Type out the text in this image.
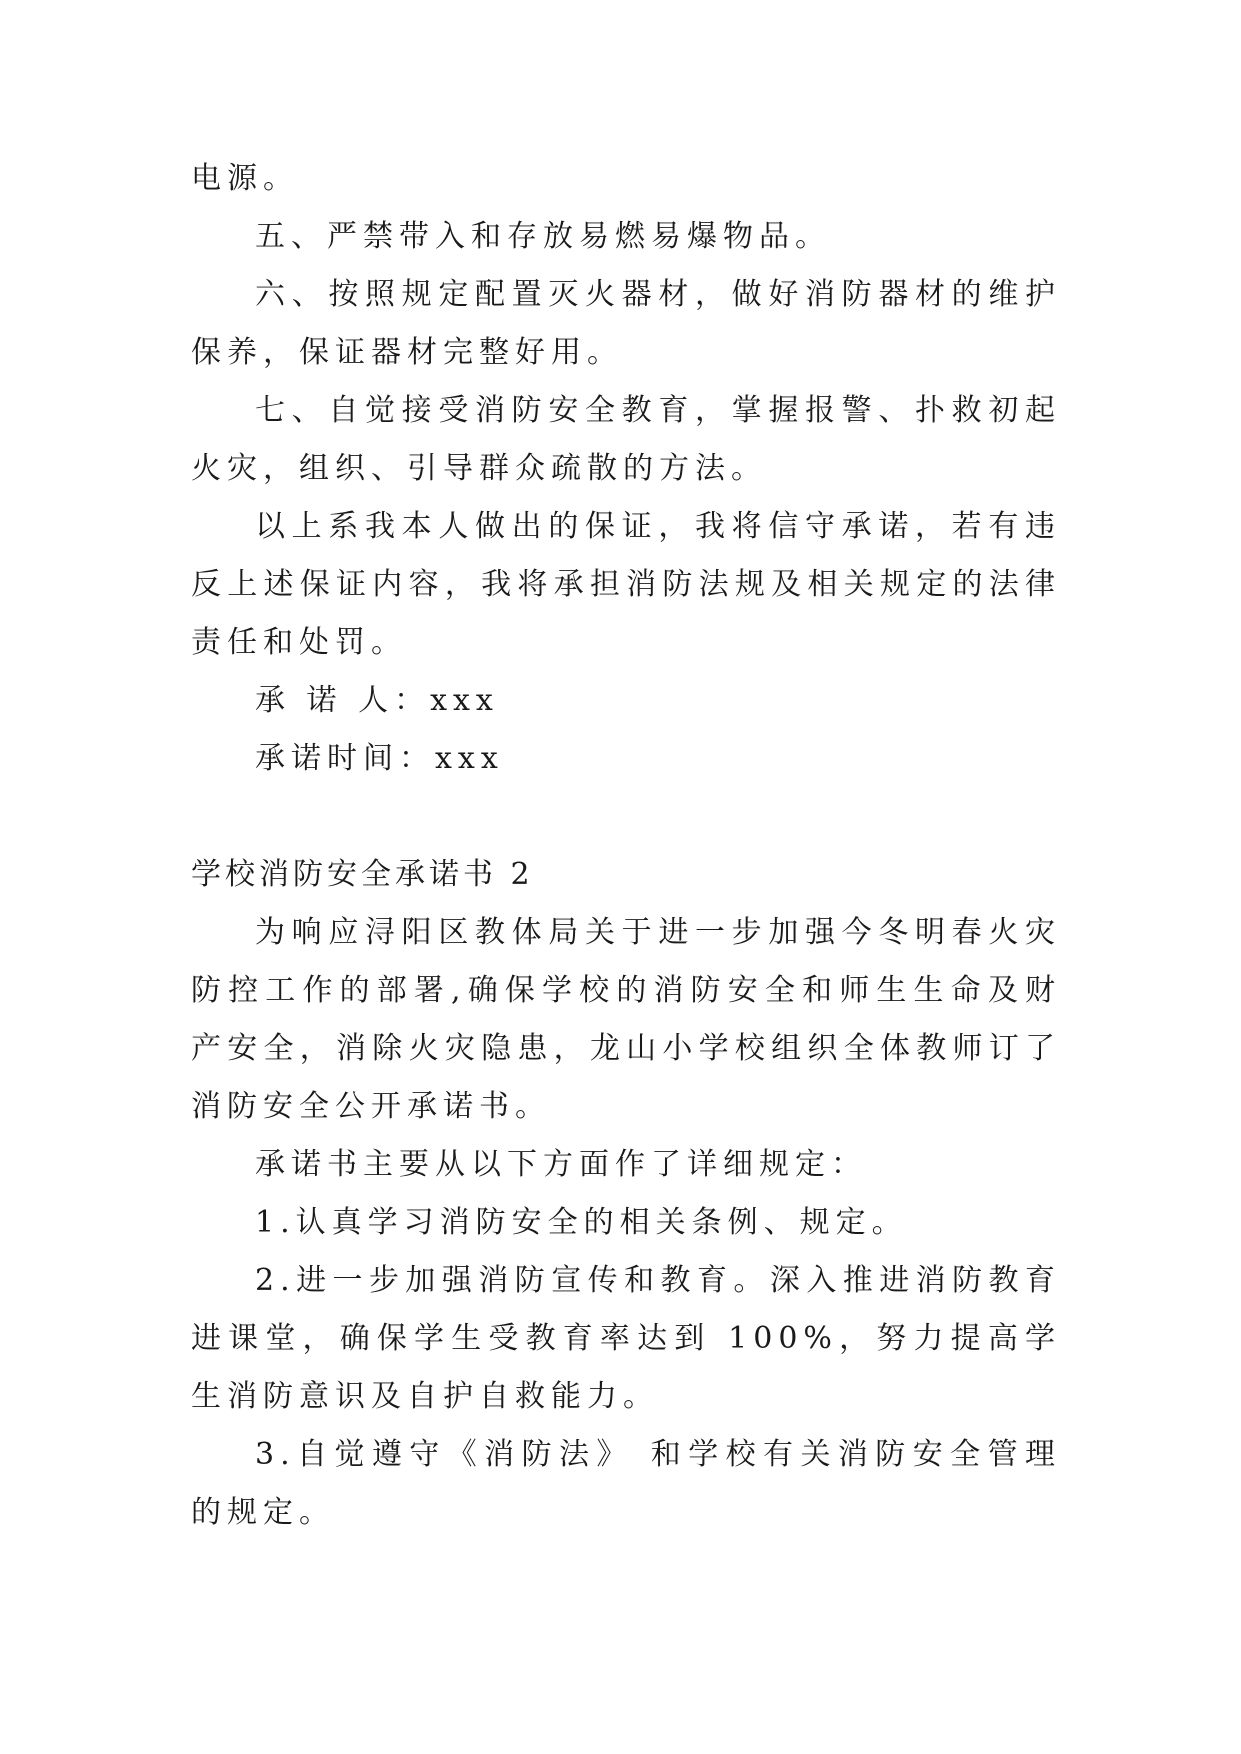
电源。

五、严禁带入和存放易燃易爆物品。

六、按照规定配置灭火器材，做好消防器材的维护保养，保证器材完整好用。

七、自觉接受消防安全教育，掌握报警、扑救初起火灾，组织、引导群众疏散的方法。

以上系我本人做出的保证，我将信守承诺，若有违反上述保证内容，我将承担消防法规及相关规定的法律责任和处罚。

承 诺 人：xxx

承诺时间：xxx

学校消防安全承诺书 2

为响应浔阳区教体局关于进一步加强今冬明春火灾防控工作的部署,确保学校的消防安全和师生生命及财产安全，消除火灾隐患，龙山小学校组织全体教师订了消防安全公开承诺书。

承诺书主要从以下方面作了详细规定：

1.认真学习消防安全的相关条例、规定。

2.进一步加强消防宣传和教育。深入推进消防教育进课堂，确保学生受教育率达到 100%，努力提高学生消防意识及自护自救能力。

3.自觉遵守《消防法》 和学校有关消防安全管理的规定。
